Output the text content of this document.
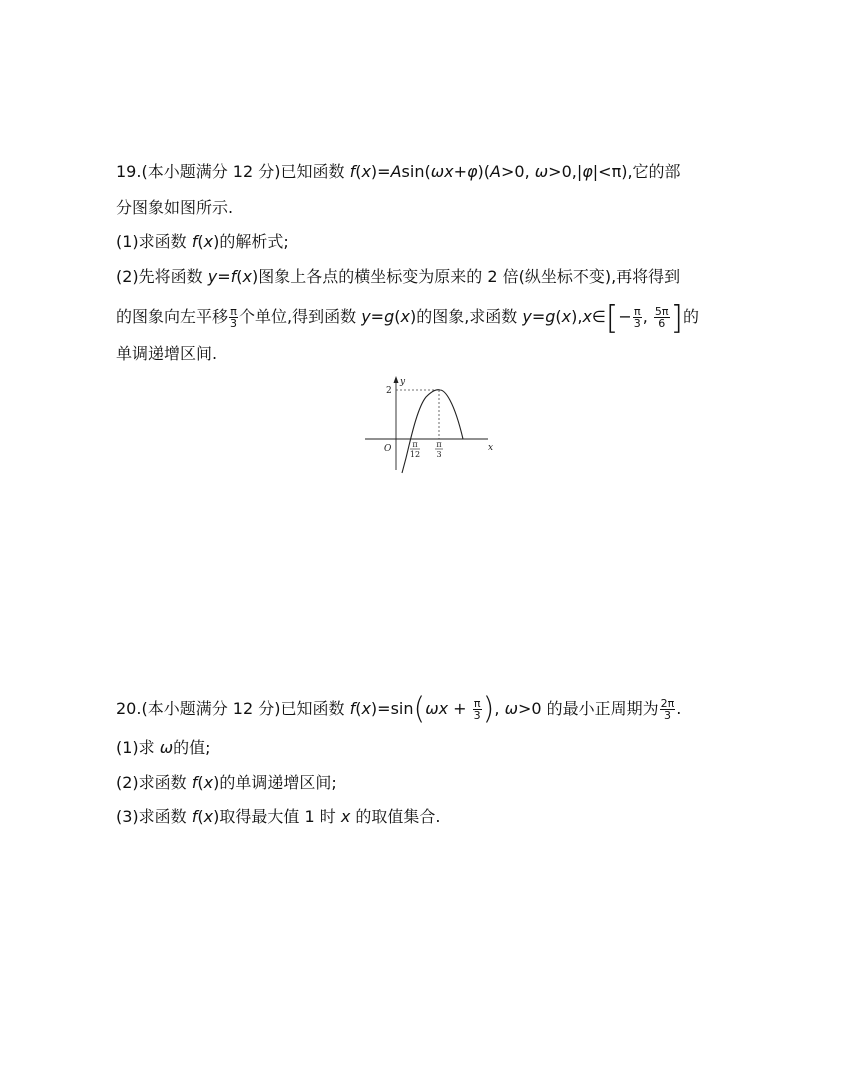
19.(本小题满分 12 分)已知函数 f(x)=Asin(ωx+φ)(A>0, ω>0,|φ|<π),它的部
分图象如图所示.
(1)求函数 f(x)的解析式;
(2)先将函数 y=f(x)图象上各点的横坐标变为原来的 2 倍(纵坐标不变),再将得到
的图象向左平移 $\frac{\pi}{3}$ 个单位,得到函数 y=g(x)的图象,求函数 y=g(x),x∈[− $\frac{\pi}{3}$ , $\frac{5\pi}{6}$ ]的
单调递增区间.
y
x
O
2
π
12
π
3
20.(本小题满分 12 分)已知函数 $f(x)=\sin(\omega x + \frac{\pi}{3}$ ), ω>0 的最小正周期为 $\frac{2\pi}{3}$ .
(1)求 ω的值;
(2)求函数 f(x)的单调递增区间;
(3)求函数 f(x)取得最大值 1 时 x 的取值集合.
